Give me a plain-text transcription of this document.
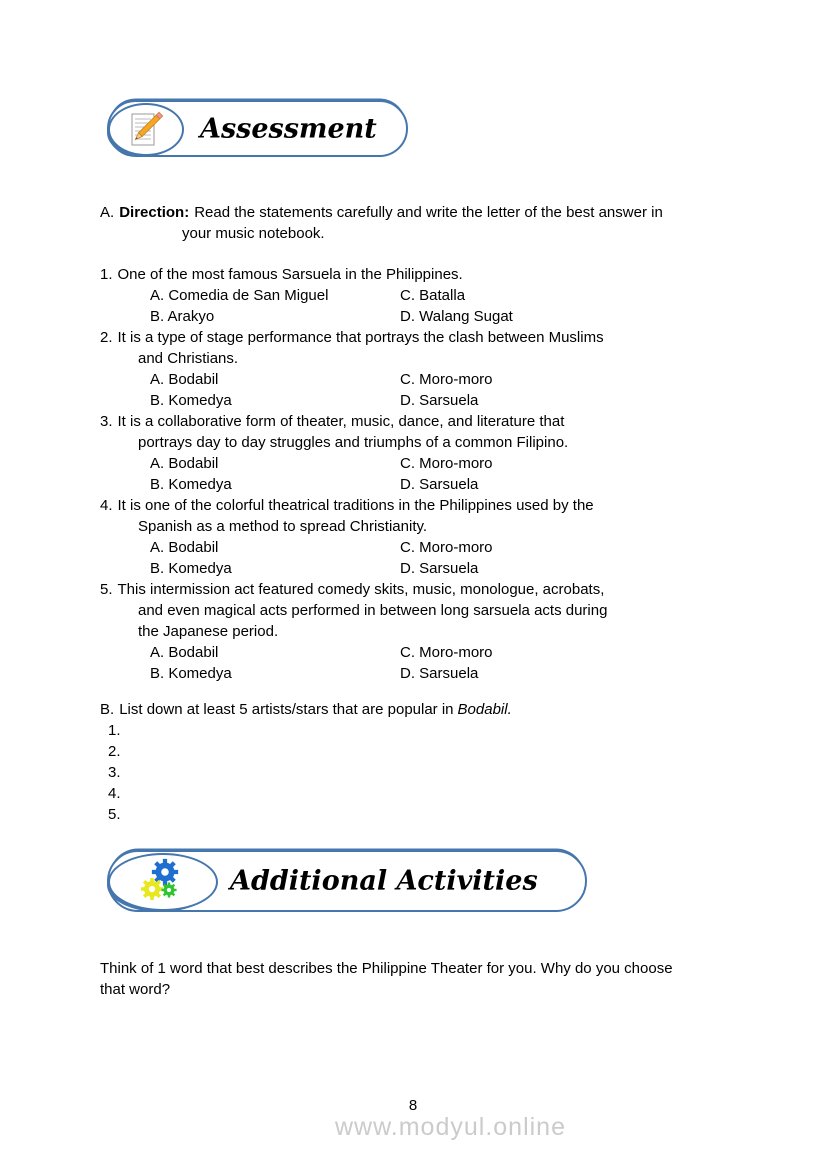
Assessment
A. Direction: Read the statements carefully and write the letter of the best answer in
your music notebook.
1. One of the most famous Sarsuela in the Philippines.
A. Comedia de San Miguel	C. Batalla
B. Arakyo	D. Walang Sugat
2. It is a type of stage performance that portrays the clash between Muslims
and Christians.
A. Bodabil	C. Moro-moro
B. Komedya	D. Sarsuela
3. It is a collaborative form of theater, music, dance, and literature that
portrays day to day struggles and triumphs of a common Filipino.
A. Bodabil	C. Moro-moro
B. Komedya	D. Sarsuela
4. It is one of the colorful theatrical traditions in the Philippines used by the
Spanish as a method to spread Christianity.
A. Bodabil	C. Moro-moro
B. Komedya	D. Sarsuela
5. This intermission act featured comedy skits, music, monologue, acrobats,
and even magical acts performed in between long sarsuela acts during
the Japanese period.
A. Bodabil	C. Moro-moro
B. Komedya	D. Sarsuela
B. List down at least 5 artists/stars that are popular in Bodabil.
1.
2.
3.
4.
5.
Additional Activities
Think of 1 word that best describes the Philippine Theater for you. Why do you choose
that word?
8
www.modyul.online
